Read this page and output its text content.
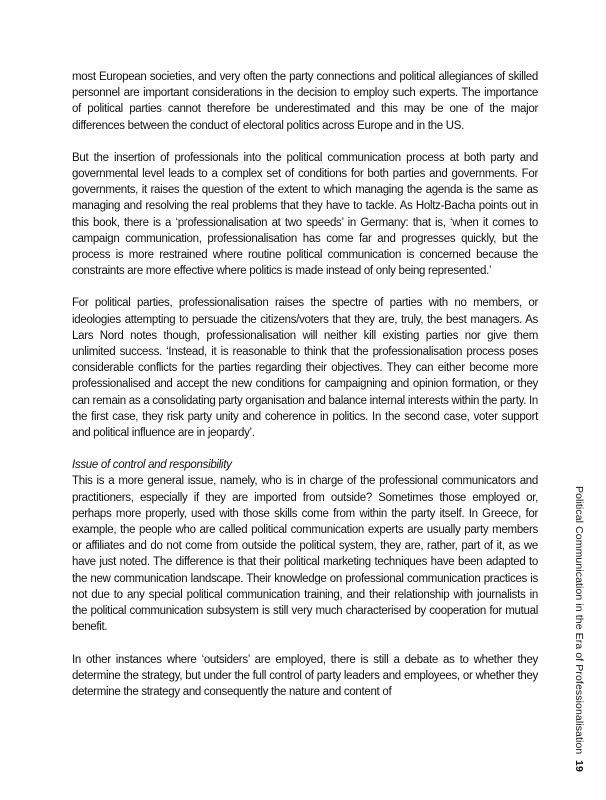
most European societies, and very often the party connections and political allegiances of skilled personnel are important considerations in the decision to employ such experts. The importance of political parties cannot therefore be underestimated and this may be one of the major differences between the conduct of electoral politics across Europe and in the US.

But the insertion of professionals into the political communication process at both party and governmental level leads to a complex set of conditions for both parties and governments. For governments, it raises the question of the extent to which managing the agenda is the same as managing and resolving the real problems that they have to tackle. As Holtz-Bacha points out in this book, there is a ‘professionalisation at two speeds’ in Germany: that is, ‘when it comes to campaign communication, professionalisation has come far and progresses quickly, but the process is more restrained where routine political communication is concerned because the constraints are more effective where politics is made instead of only being represented.’

For political parties, professionalisation raises the spectre of parties with no members, or ideologies attempting to persuade the citizens/voters that they are, truly, the best managers. As Lars Nord notes though, professionalisation will neither kill existing parties nor give them unlimited success. ‘Instead, it is reasonable to think that the professionalisation process poses considerable conflicts for the parties regarding their objectives. They can either become more professionalised and accept the new conditions for campaigning and opinion formation, or they can remain as a consolidating party organisation and balance internal interests within the party. In the first case, they risk party unity and coherence in politics. In the second case, voter support and political influence are in jeopardy’.

Issue of control and responsibility

This is a more general issue, namely, who is in charge of the professional communicators and practitioners, especially if they are imported from outside? Sometimes those employed or, perhaps more properly, used with those skills come from within the party itself. In Greece, for example, the people who are called political communication experts are usually party members or affiliates and do not come from outside the political system, they are, rather, part of it, as we have just noted. The difference is that their political marketing techniques have been adapted to the new communication landscape. Their knowledge on professional communication practices is not due to any special political communication training, and their relationship with journalists in the political communication subsystem is still very much characterised by cooperation for mutual benefit.

In other instances where ‘outsiders’ are employed, there is still a debate as to whether they determine the strategy, but under the full control of party leaders and employees, or whether they determine the strategy and consequently the nature and content of	Political Communication in the Era of Professionalisation19
